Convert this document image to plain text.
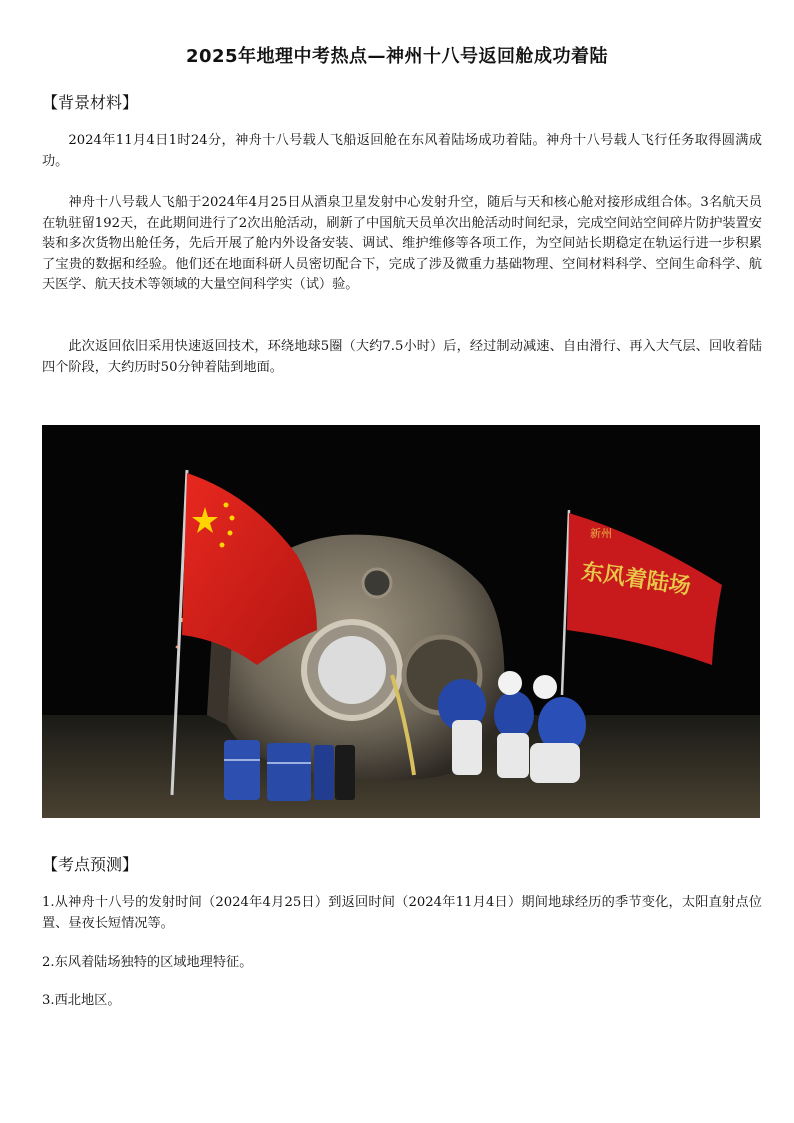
2025年地理中考热点—神州十八号返回舱成功着陆
【背景材料】
2024年11月4日1时24分，神舟十八号载人飞船返回舱在东风着陆场成功着陆。神舟十八号载人飞行任务取得圆满成功。
神舟十八号载人飞船于2024年4月25日从酒泉卫星发射中心发射升空，随后与天和核心舱对接形成组合体。3名航天员在轨驻留192天，在此期间进行了2次出舱活动，刷新了中国航天员单次出舱活动时间纪录，完成空间站空间碎片防护装置安装和多次货物出舱任务，先后开展了舱内外设备安装、调试、维护维修等各项工作，为空间站长期稳定在轨运行进一步积累了宝贵的数据和经验。他们还在地面科研人员密切配合下，完成了涉及微重力基础物理、空间材料科学、空间生命科学、航天医学、航天技术等领域的大量空间科学实（试）验。
此次返回依旧采用快速返回技术，环绕地球5圈（大约7.5小时）后，经过制动减速、自由滑行、再入大气层、回收着陆四个阶段，大约历时50分钟着陆到地面。
新州
东风着陆场
【考点预测】
1.从神舟十八号的发射时间（2024年4月25日）到返回时间（2024年11月4日）期间地球经历的季节变化，太阳直射点位置、昼夜长短情况等。
2.东风着陆场独特的区域地理特征。
3.西北地区。
